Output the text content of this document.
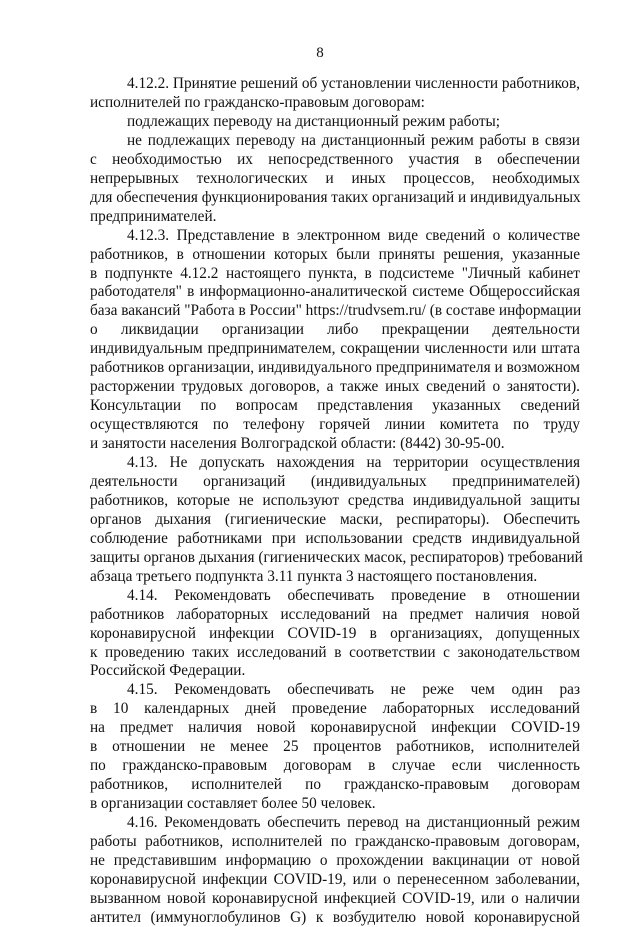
8
4.12.2. Принятие решений об установлении численности работников,
исполнителей по гражданско-правовым договорам:
подлежащих переводу на дистанционный режим работы;
не подлежащих переводу на дистанционный режим работы в связи
с необходимостью их непосредственного участия в обеспечении
непрерывных технологических и иных процессов, необходимых
для обеспечения функционирования таких организаций и индивидуальных
предпринимателей.
4.12.3. Представление в электронном виде сведений о количестве
работников, в отношении которых были приняты решения, указанные
в подпункте 4.12.2 настоящего пункта, в подсистеме "Личный кабинет
работодателя" в информационно-аналитической системе Общероссийская
база вакансий "Работа в России" https://trudvsem.ru/ (в составе информации
о ликвидации организации либо прекращении деятельности
индивидуальным предпринимателем, сокращении численности или штата
работников организации, индивидуального предпринимателя и возможном
расторжении трудовых договоров, а также иных сведений о занятости).
Консультации по вопросам представления указанных сведений
осуществляются по телефону горячей линии комитета по труду
и занятости населения Волгоградской области: (8442) 30-95-00.
4.13. Не допускать нахождения на территории осуществления
деятельности организаций (индивидуальных предпринимателей)
работников, которые не используют средства индивидуальной защиты
органов дыхания (гигиенические маски, респираторы). Обеспечить
соблюдение работниками при использовании средств индивидуальной
защиты органов дыхания (гигиенических масок, респираторов) требований
абзаца третьего подпункта 3.11 пункта 3 настоящего постановления.
4.14. Рекомендовать обеспечивать проведение в отношении
работников лабораторных исследований на предмет наличия новой
коронавирусной инфекции COVID-19 в организациях, допущенных
к проведению таких исследований в соответствии с законодательством
Российской Федерации.
4.15. Рекомендовать обеспечивать не реже чем один раз
в 10 календарных дней проведение лабораторных исследований
на предмет наличия новой коронавирусной инфекции COVID-19
в отношении не менее 25 процентов работников, исполнителей
по гражданско-правовым договорам в случае если численность
работников, исполнителей по гражданско-правовым договорам
в организации составляет более 50 человек.
4.16. Рекомендовать обеспечить перевод на дистанционный режим
работы работников, исполнителей по гражданско-правовым договорам,
не представившим информацию о прохождении вакцинации от новой
коронавирусной инфекции COVID-19, или о перенесенном заболевании,
вызванном новой коронавирусной инфекцией COVID-19, или о наличии
антител (иммуноглобулинов G) к возбудителю новой коронавирусной
